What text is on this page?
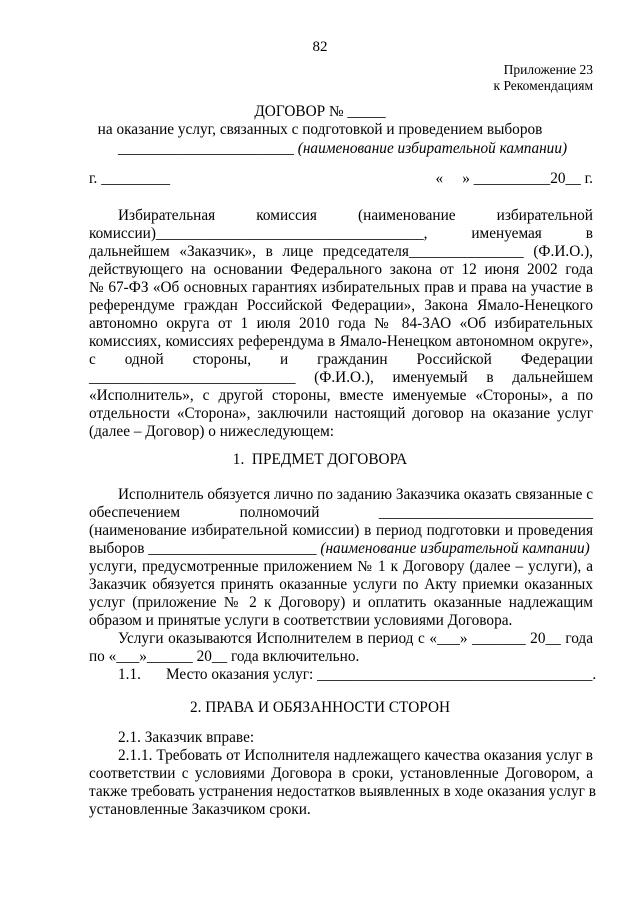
82
Приложение 23
к Рекомендациям
ДОГОВОР № _____
на оказание услуг, связанных с подготовкой и проведением выборов
_______________________ (наименование избирательной кампании)
г. _________	«     » __________20__ г.
Избирательная комиссия (наименование избирательной
комиссии)___________________________________, именуемая в
дальнейшем «Заказчик», в лице председателя_______________ (Ф.И.О.),
действующего на основании Федерального закона от 12 июня 2002 года
№ 67-ФЗ «Об основных гарантиях избирательных прав и права на участие в
референдуме граждан Российской Федерации», Закона Ямало-Ненецкого
автономно округа от 1 июля 2010 года № 84-ЗАО «Об избирательных
комиссиях, комиссиях референдума в Ямало-Ненецком автономном округе»,
с одной стороны, и гражданин Российской Федерации
___________________________ (Ф.И.О.), именуемый в дальнейшем
«Исполнитель», с другой стороны, вместе именуемые «Стороны», а по
отдельности «Сторона», заключили настоящий договор на оказание услуг
(далее – Договор) о нижеследующем:
1.  ПРЕДМЕТ ДОГОВОРА
Исполнитель обязуется лично по заданию Заказчика оказать связанные с
обеспечением полномочий ____________________________
(наименование избирательной комиссии) в период подготовки и проведения
выборов ______________________ (наименование избирательной кампании)
услуги, предусмотренные приложением № 1 к Договору (далее – услуги), а
Заказчик обязуется принять оказанные услуги по Акту приемки оказанных
услуг (приложение № 2 к Договору) и оплатить оказанные надлежащим
образом и принятые услуги в соответствии условиями Договора.
Услуги оказываются Исполнителем в период с «___» _______ 20__ года
по «___»______ 20__ года включительно.
1.1. Место оказания услуг: ____________________________________.
2. ПРАВА И ОБЯЗАННОСТИ СТОРОН
2.1. Заказчик вправе:
2.1.1. Требовать от Исполнителя надлежащего качества оказания услуг в
соответствии с условиями Договора в сроки, установленные Договором, а
также требовать устранения недостатков выявленных в ходе оказания услуг в
установленные Заказчиком сроки.
